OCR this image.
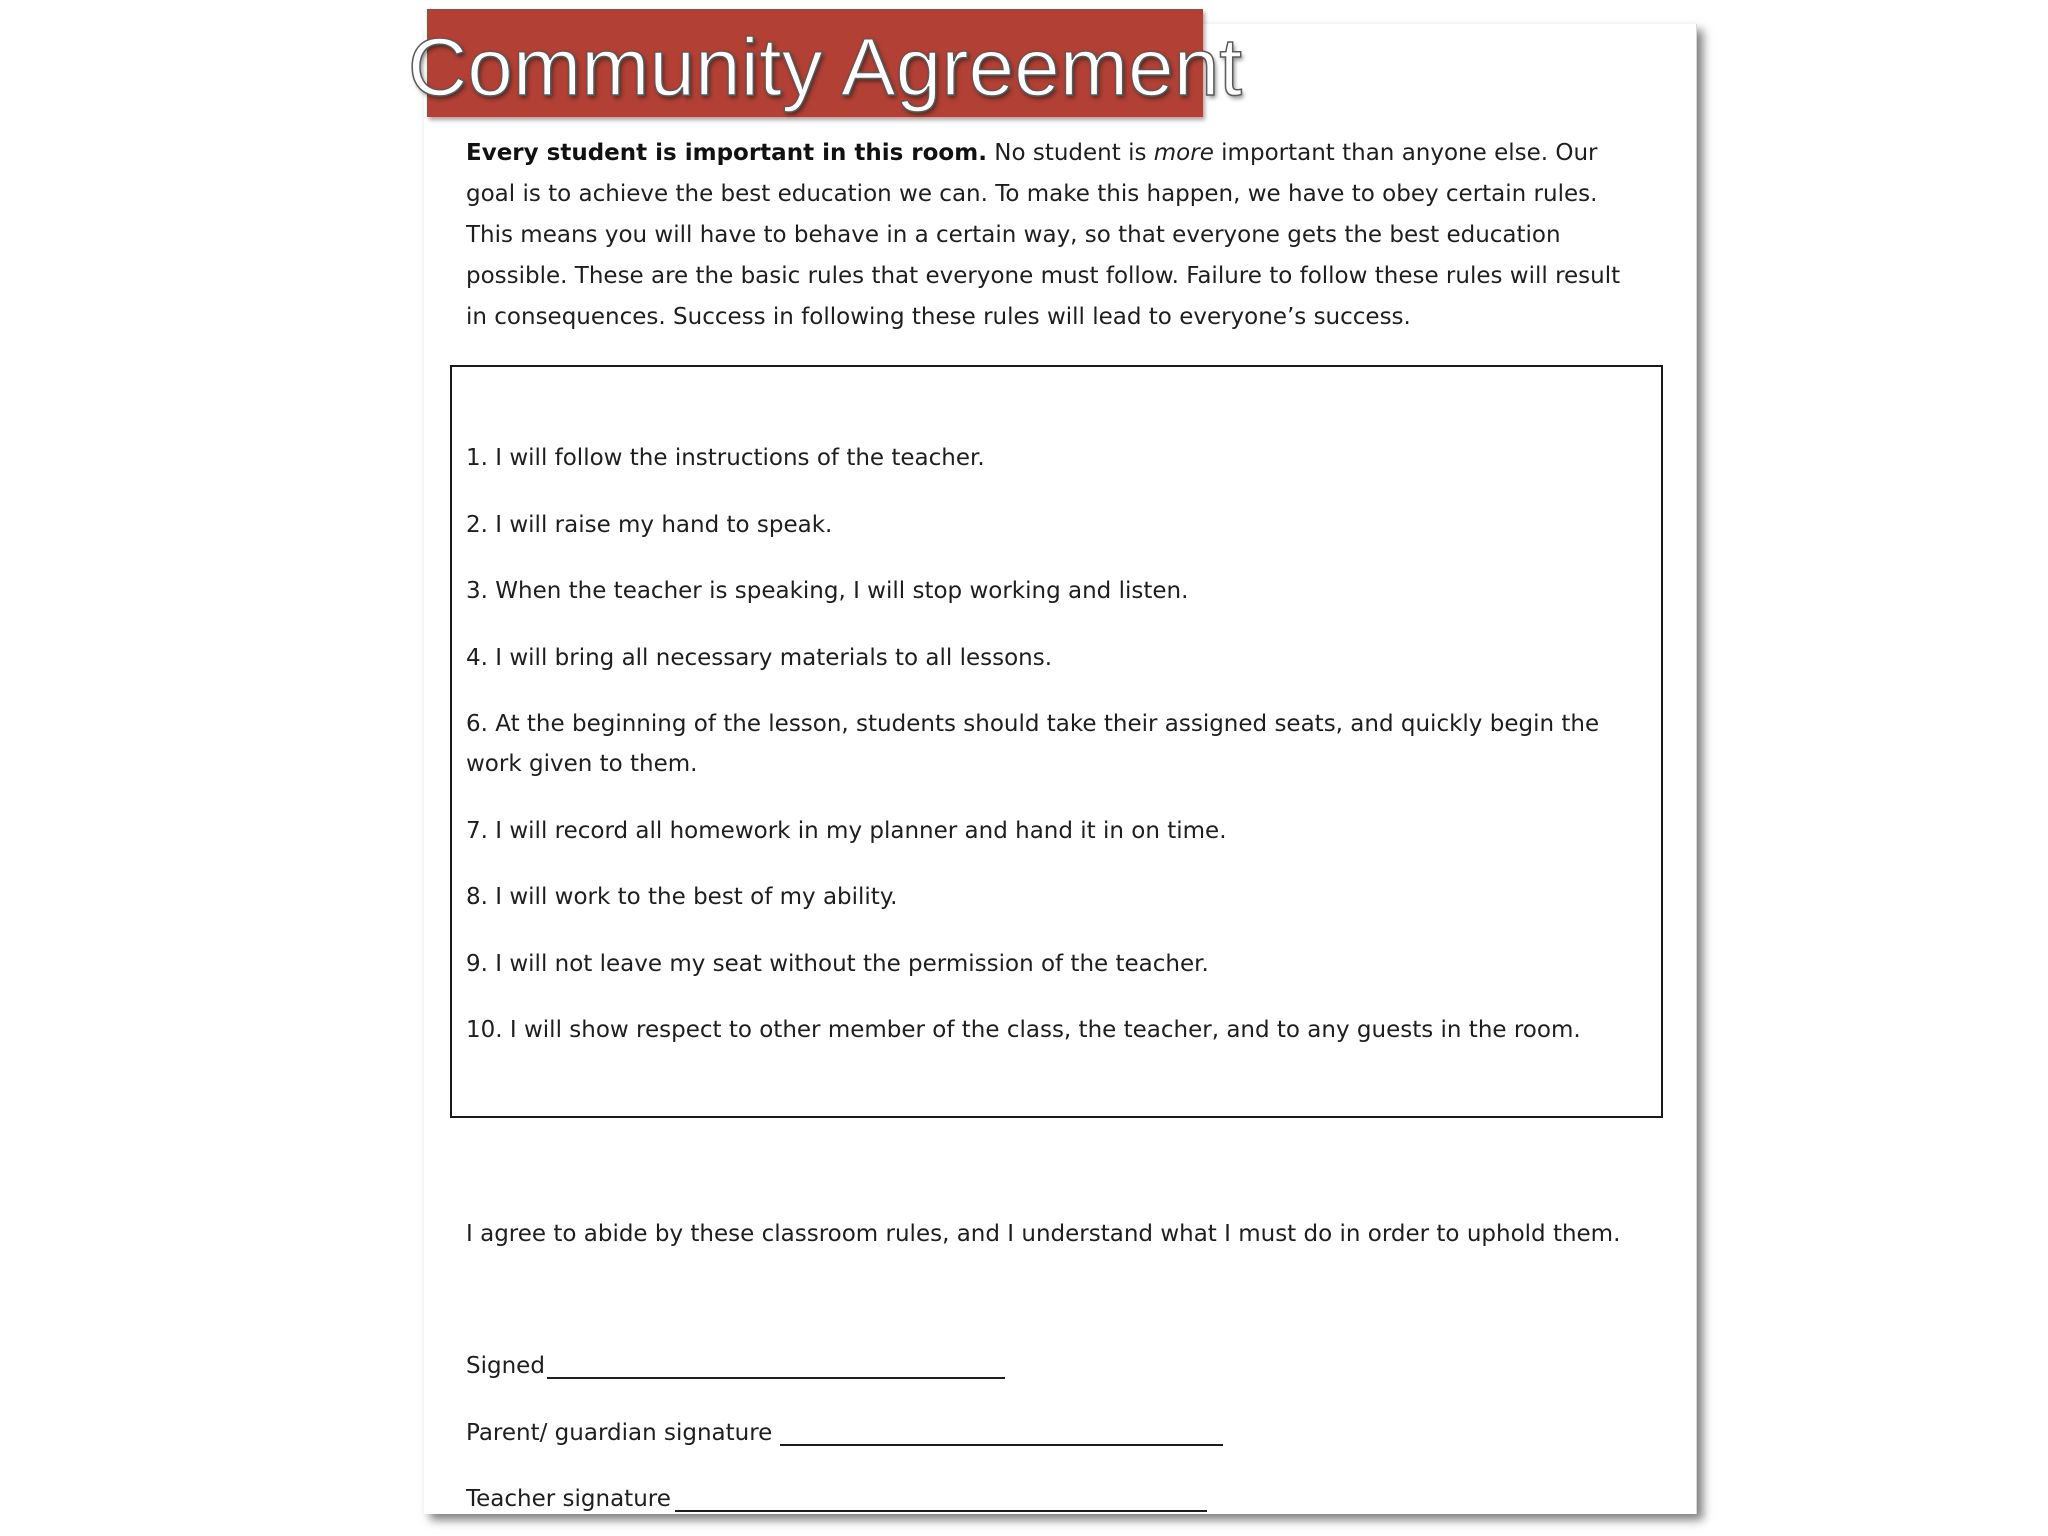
Community Agreement

Every student is important in this room. No student is more important than anyone else. Our goal is to achieve the best education we can. To make this happen, we have to obey certain rules. This means you will have to behave in a certain way, so that everyone gets the best education possible. These are the basic rules that everyone must follow. Failure to follow these rules will result in consequences. Success in following these rules will lead to everyone’s success.

1. I will follow the instructions of the teacher.
2. I will raise my hand to speak.
3. When the teacher is speaking, I will stop working and listen.
4. I will bring all necessary materials to all lessons.
6. At the beginning of the lesson, students should take their assigned seats, and quickly begin the work given to them.
7. I will record all homework in my planner and hand it in on time.
8. I will work to the best of my ability.
9. I will not leave my seat without the permission of the teacher.
10. I will show respect to other member of the class, the teacher, and to any guests in the room.

I agree to abide by these classroom rules, and I understand what I must do in order to uphold them.

Signed

Parent/ guardian signature

Teacher signature
